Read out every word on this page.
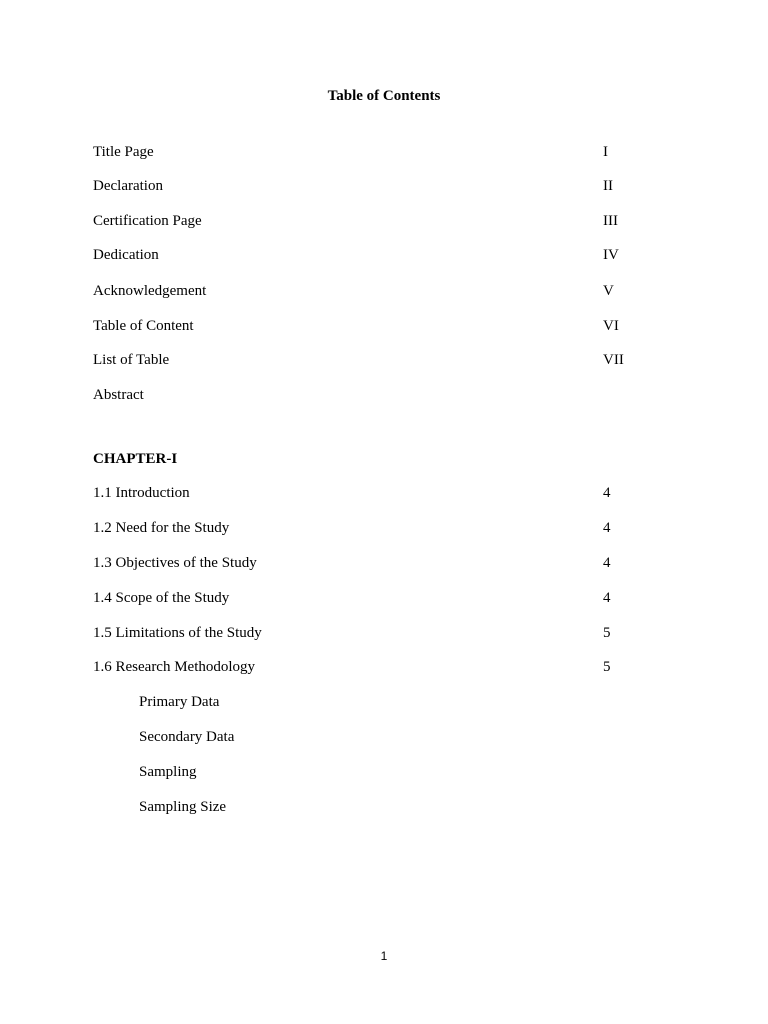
Table of Contents
Title Page	I
Declaration	II
Certification Page	III
Dedication	IV
Acknowledgement	V
Table of Content	VI
List of Table	VII
Abstract
CHAPTER-I
1.1 Introduction	4
1.2 Need for the Study	4
1.3 Objectives of the Study	4
1.4 Scope of the Study	4
1.5 Limitations of the Study	5
1.6 Research Methodology	5
Primary Data
Secondary Data
Sampling
Sampling Size
1
